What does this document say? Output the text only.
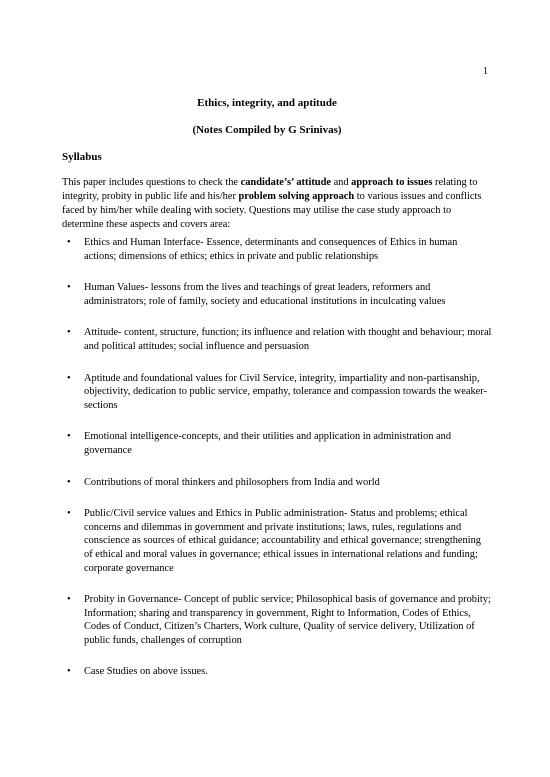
1
Ethics, integrity, and aptitude
(Notes Compiled by G Srinivas)
Syllabus

This paper includes questions to check the candidate’s’ attitude and approach to issues relating to integrity, probity in public life and his/her problem solving approach to various issues and conflicts faced by him/her while dealing with society. Questions may utilise the case study approach to determine these aspects and covers area:

• Ethics and Human Interface- Essence, determinants and consequences of Ethics in human actions; dimensions of ethics; ethics in private and public relationships
• Human Values- lessons from the lives and teachings of great leaders, reformers and administrators; role of family, society and educational institutions in inculcating values
• Attitude- content, structure, function; its influence and relation with thought and behaviour; moral and political attitudes; social influence and persuasion
• Aptitude and foundational values for Civil Service, integrity, impartiality and non-partisanship, objectivity, dedication to public service, empathy, tolerance and compassion towards the weaker-sections
• Emotional intelligence-concepts, and their utilities and application in administration and governance
• Contributions of moral thinkers and philosophers from India and world
• Public/Civil service values and Ethics in Public administration- Status and problems; ethical concerns and dilemmas in government and private institutions; laws, rules, regulations and conscience as sources of ethical guidance; accountability and ethical governance; strengthening of ethical and moral values in governance; ethical issues in international relations and funding; corporate governance
• Probity in Governance- Concept of public service; Philosophical basis of governance and probity; Information; sharing and transparency in government, Right to Information, Codes of Ethics, Codes of Conduct, Citizen’s Charters, Work culture, Quality of service delivery, Utilization of public funds, challenges of corruption
• Case Studies on above issues.
